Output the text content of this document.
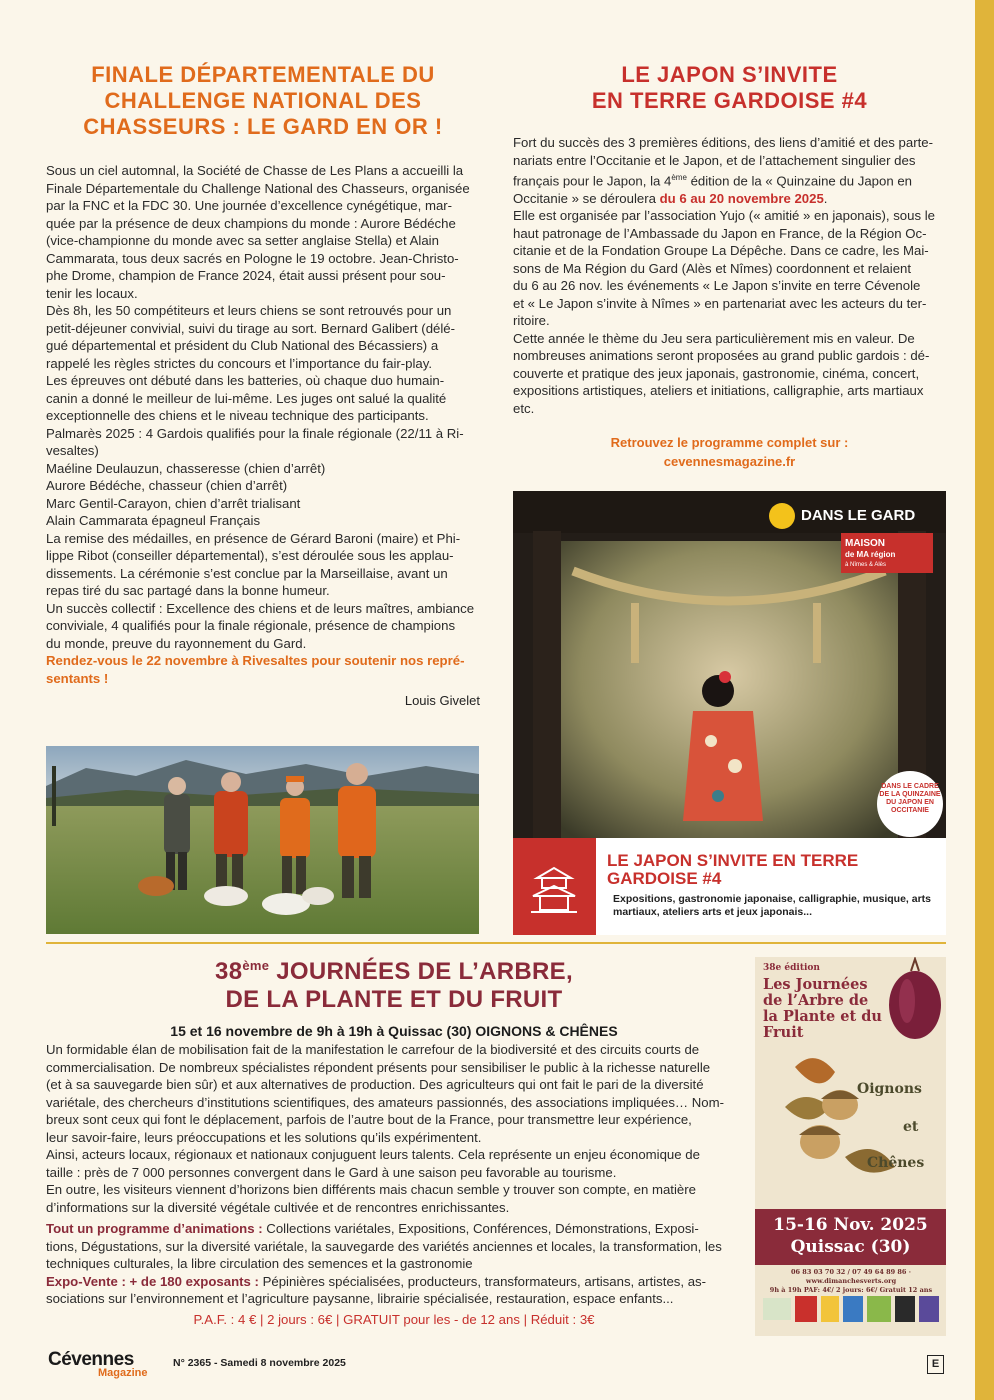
FINALE DÉPARTEMENTALE DU
CHALLENGE NATIONAL DES
CHASSEURS : LE GARD EN OR !
Sous un ciel automnal, la Société de Chasse de Les Plans a accueilli la
Finale Départementale du Challenge National des Chasseurs, organisée
par la FNC et la FDC 30. Une journée d’excellence cynégétique, mar-
quée par la présence de deux champions du monde : Aurore Bédéche
(vice-championne du monde avec sa setter anglaise Stella) et Alain
Cammarata, tous deux sacrés en Pologne le 19 octobre. Jean-Christo-
phe Drome, champion de France 2024, était aussi présent pour sou-
tenir les locaux.
Dès 8h, les 50 compétiteurs et leurs chiens se sont retrouvés pour un
petit-déjeuner convivial, suivi du tirage au sort. Bernard Galibert (délé-
gué départemental et président du Club National des Bécassiers) a
rappelé les règles strictes du concours et l’importance du fair-play.
Les épreuves ont débuté dans les batteries, où chaque duo humain-
canin a donné le meilleur de lui-même. Les juges ont salué la qualité
exceptionnelle des chiens et le niveau technique des participants.
Palmarès 2025 : 4 Gardois qualifiés pour la finale régionale (22/11 à Ri-
vesaltes)
Maéline Deulauzun, chasseresse (chien d’arrêt)
Aurore Bédéche, chasseur (chien d’arrêt)
Marc Gentil-Carayon, chien d’arrêt trialisant
Alain Cammarata épagneul Français
La remise des médailles, en présence de Gérard Baroni (maire) et Phi-
lippe Ribot (conseiller départemental), s’est déroulée sous les applau-
dissements. La cérémonie s’est conclue par la Marseillaise, avant un
repas tiré du sac partagé dans la bonne humeur.
Un succès collectif : Excellence des chiens et de leurs maîtres, ambiance
conviviale, 4 qualifiés pour la finale régionale, présence de champions
du monde, preuve du rayonnement du Gard.
Rendez-vous le 22 novembre à Rivesaltes pour soutenir nos repré-
sentants !
Louis Givelet
LE JAPON S’INVITE
EN TERRE GARDOISE #4
Fort du succès des 3 premières éditions, des liens d’amitié et des parte-
nariats entre l’Occitanie et le Japon, et de l’attachement singulier des
français pour le Japon, la 4ème édition de la « Quinzaine du Japon en
Occitanie » se déroulera du 6 au 20 novembre 2025.
Elle est organisée par l’association Yujo (« amitié » en japonais), sous le
haut patronage de l’Ambassade du Japon en France, de la Région Oc-
citanie et de la Fondation Groupe La Dépêche. Dans ce cadre, les Mai-
sons de Ma Région du Gard (Alès et Nîmes) coordonnent et relaient
du 6 au 26 nov. les événements « Le Japon s’invite en terre Cévenole
et « Le Japon s’invite à Nîmes » en partenariat avec les acteurs du ter-
ritoire.
Cette année le thème du Jeu sera particulièrement mis en valeur. De
nombreuses animations seront proposées au grand public gardois : dé-
couverte et pratique des jeux japonais, gastronomie, cinéma, concert,
expositions artistiques, ateliers et initiations, calligraphie, arts martiaux
etc.
Retrouvez le programme complet sur :
cevennesmagazine.fr
DANS LE GARD
MAISON
de MA région
à Nîmes & Alès
DANS LE CADRE DE LA QUINZAINE DU JAPON EN OCCITANIE
LE JAPON S’INVITE EN TERRE
GARDOISE #4
Expositions, gastronomie japonaise, calligraphie, musique, arts martiaux, ateliers arts et jeux japonais...
38ème JOURNÉES DE L’ARBRE,
DE LA PLANTE ET DU FRUIT
15 et 16 novembre de 9h à 19h à Quissac (30) OIGNONS & CHÊNES
Un formidable élan de mobilisation fait de la manifestation le carrefour de la biodiversité et des circuits courts de
commercialisation. De nombreux spécialistes répondent présents pour sensibiliser le public à la richesse naturelle
(et à sa sauvegarde bien sûr) et aux alternatives de production. Des agriculteurs qui ont fait le pari de la diversité
variétale, des chercheurs d’institutions scientifiques, des amateurs passionnés, des associations impliquées… Nom-
breux sont ceux qui font le déplacement, parfois de l’autre bout de la France, pour transmettre leur expérience,
leur savoir-faire, leurs préoccupations et les solutions qu’ils expérimentent.
Ainsi, acteurs locaux, régionaux et nationaux conjuguent leurs talents. Cela représente un enjeu économique de
taille : près de 7 000 personnes convergent dans le Gard à une saison peu favorable au tourisme.
En outre, les visiteurs viennent d’horizons bien différents mais chacun semble y trouver son compte, en matière
d’informations sur la diversité végétale cultivée et de rencontres enrichissantes.
Tout un programme d’animations : Collections variétales, Expositions, Conférences, Démonstrations, Exposi-
tions, Dégustations, sur la diversité variétale, la sauvegarde des variétés anciennes et locales, la transformation, les
techniques culturales, la libre circulation des semences et la gastronomie
Expo-Vente : + de 180 exposants : Pépinières spécialisées, producteurs, transformateurs, artisans, artistes, as-
sociations sur l’environnement et l’agriculture paysanne, librairie spécialisée, restauration, espace enfants...
P.A.F. : 4 € | 2 jours : 6€ | GRATUIT pour les - de 12 ans | Réduit : 3€
38e édition
Les Journées de l’Arbre de la Plante et du Fruit
Oignons
et
Chênes
15-16 Nov. 2025
Quissac (30)
06 83 03 70 32 / 07 49 64 89 86 · www.dimanchesverts.org
9h à 19h PAF: 4€/ 2 jours: 6€/ Gratuit 12 ans
Cévennes
Magazine
N° 2365 - Samedi 8 novembre 2025	E
